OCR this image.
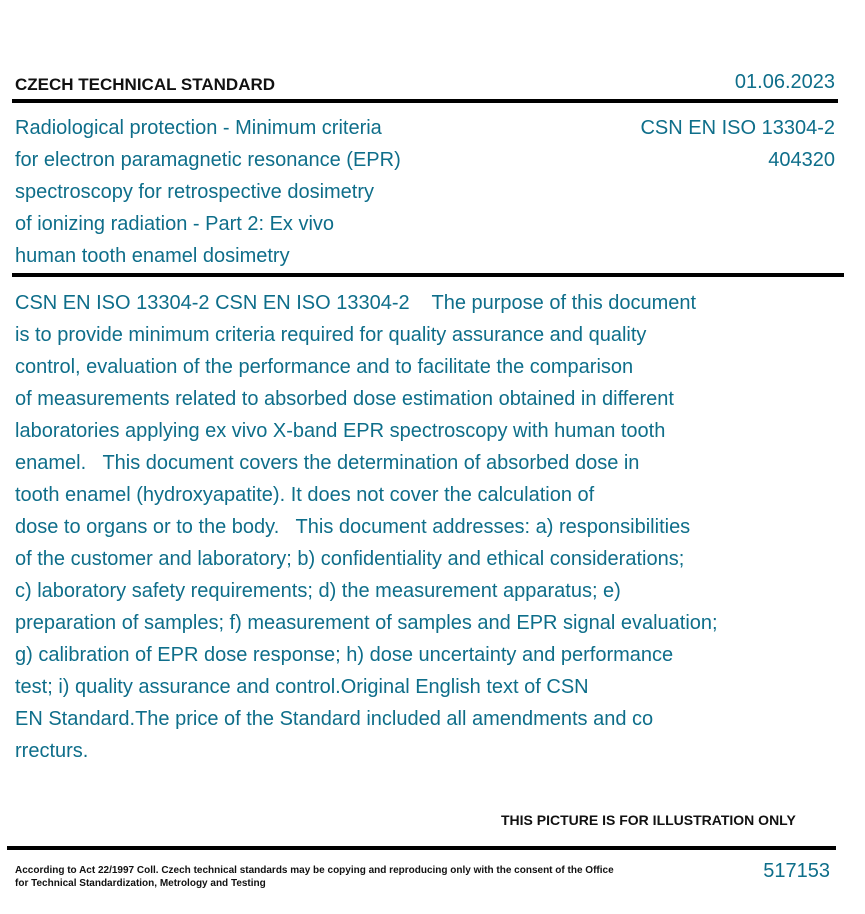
CZECH TECHNICAL STANDARD	01.06.2023
Radiological protection - Minimum criteria
for electron paramagnetic resonance (EPR)
spectroscopy for retrospective dosimetry
of ionizing radiation - Part 2: Ex vivo
human tooth enamel dosimetry
CSN EN ISO 13304-2
404320
CSN EN ISO 13304-2 CSN EN ISO 13304-2    The purpose of this document
is to provide minimum criteria required for quality assurance and quality
control, evaluation of the performance and to facilitate the comparison
of measurements related to absorbed dose estimation obtained in different
laboratories applying ex vivo X-band EPR spectroscopy with human tooth
enamel.   This document covers the determination of absorbed dose in
tooth enamel (hydroxyapatite). It does not cover the calculation of
dose to organs or to the body.   This document addresses: a) responsibilities
of the customer and laboratory; b) confidentiality and ethical considerations;
c) laboratory safety requirements; d) the measurement apparatus; e)
preparation of samples; f) measurement of samples and EPR signal evaluation;
g) calibration of EPR dose response; h) dose uncertainty and performance
test; i) quality assurance and control.Original English text of CSN
EN Standard.The price of the Standard included all amendments and co
rrecturs.
THIS PICTURE IS FOR ILLUSTRATION ONLY
According to Act 22/1997 Coll. Czech technical standards may be copying and reproducing only with the consent of the Office
for Technical Standardization, Metrology and Testing
517153
